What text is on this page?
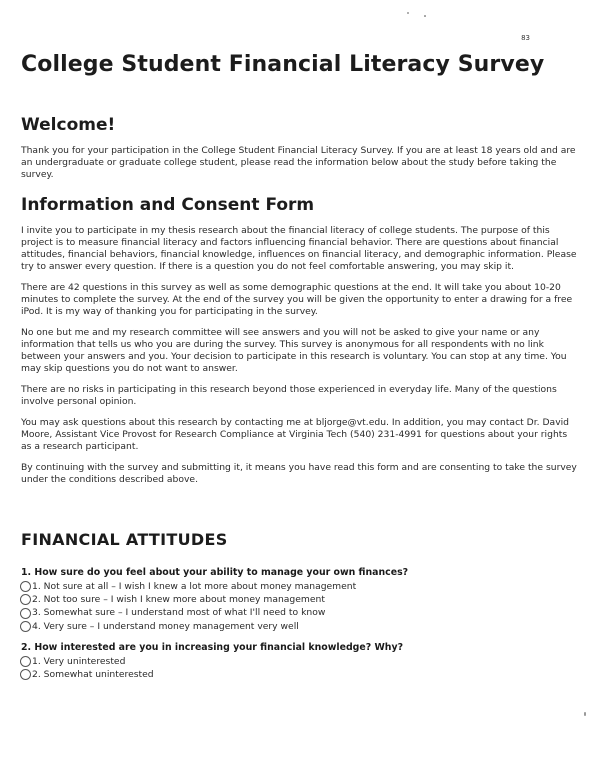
83
College Student Financial Literacy Survey
Welcome!

Thank you for your participation in the College Student Financial Literacy Survey. If you are at least 18 years old and are an undergraduate or graduate college student, please read the information below about the study before taking the survey.

Information and Consent Form

I invite you to participate in my thesis research about the financial literacy of college students. The purpose of this project is to measure financial literacy and factors influencing financial behavior. There are questions about financial attitudes, financial behaviors, financial knowledge, influences on financial literacy, and demographic information. Please try to answer every question. If there is a question you do not feel comfortable answering, you may skip it.

There are 42 questions in this survey as well as some demographic questions at the end. It will take you about 10-20 minutes to complete the survey. At the end of the survey you will be given the opportunity to enter a drawing for a free iPod. It is my way of thanking you for participating in the survey.

No one but me and my research committee will see answers and you will not be asked to give your name or any information that tells us who you are during the survey. This survey is anonymous for all respondents with no link between your answers and you. Your decision to participate in this research is voluntary. You can stop at any time. You may skip questions you do not want to answer.

There are no risks in participating in this research beyond those experienced in everyday life. Many of the questions involve personal opinion.

You may ask questions about this research by contacting me at bljorge@vt.edu. In addition, you may contact Dr. David Moore, Assistant Vice Provost for Research Compliance at Virginia Tech (540) 231-4991 for questions about your rights as a research participant.

By continuing with the survey and submitting it, it means you have read this form and are consenting to take the survey under the conditions described above.

FINANCIAL ATTITUDES
1. How sure do you feel about your ability to manage your own finances?
1. Not sure at all – I wish I knew a lot more about money management
2. Not too sure – I wish I knew more about money management
3. Somewhat sure – I understand most of what I'll need to know
4. Very sure – I understand money management very well
2. How interested are you in increasing your financial knowledge? Why?
1. Very uninterested
2. Somewhat uninterested
